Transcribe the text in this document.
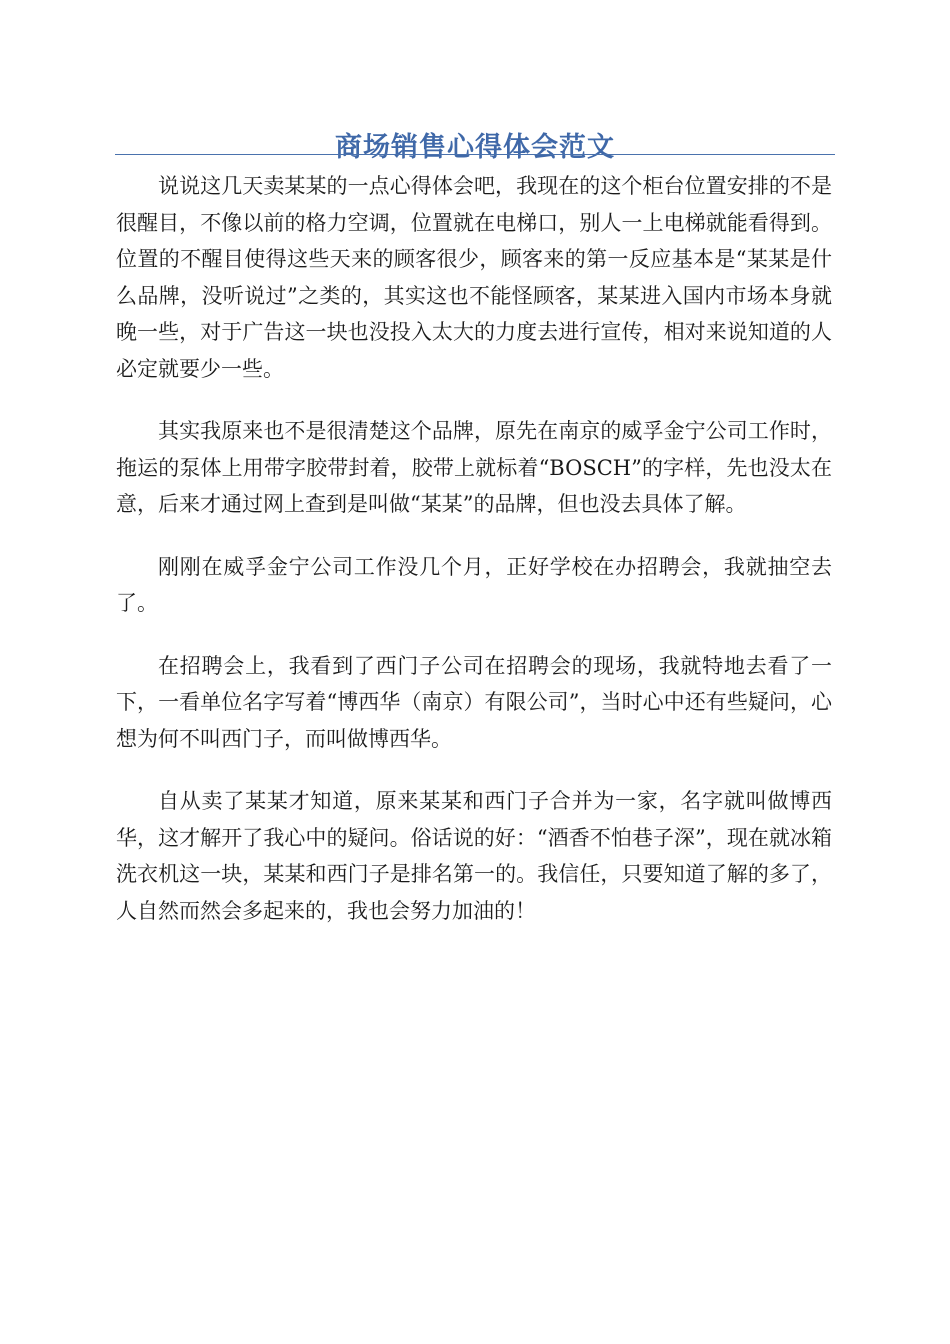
商场销售心得体会范文

说说这几天卖某某的一点心得体会吧，我现在的这个柜台位置安排的不是很醒目，不像以前的格力空调，位置就在电梯口，别人一上电梯就能看得到。位置的不醒目使得这些天来的顾客很少，顾客来的第一反应基本是“某某是什么品牌，没听说过”之类的，其实这也不能怪顾客，某某进入国内市场本身就晚一些，对于广告这一块也没投入太大的力度去进行宣传，相对来说知道的人必定就要少一些。

其实我原来也不是很清楚这个品牌，原先在南京的威孚金宁公司工作时，拖运的泵体上用带字胶带封着，胶带上就标着“BOSCH”的字样，先也没太在意，后来才通过网上查到是叫做“某某”的品牌，但也没去具体了解。

刚刚在威孚金宁公司工作没几个月，正好学校在办招聘会，我就抽空去了。

在招聘会上，我看到了西门子公司在招聘会的现场，我就特地去看了一下，一看单位名字写着“博西华（南京）有限公司”，当时心中还有些疑问，心想为何不叫西门子，而叫做博西华。

自从卖了某某才知道，原来某某和西门子合并为一家，名字就叫做博西华，这才解开了我心中的疑问。俗话说的好：“酒香不怕巷子深”，现在就冰箱洗衣机这一块，某某和西门子是排名第一的。我信任，只要知道了解的多了，人自然而然会多起来的，我也会努力加油的！
